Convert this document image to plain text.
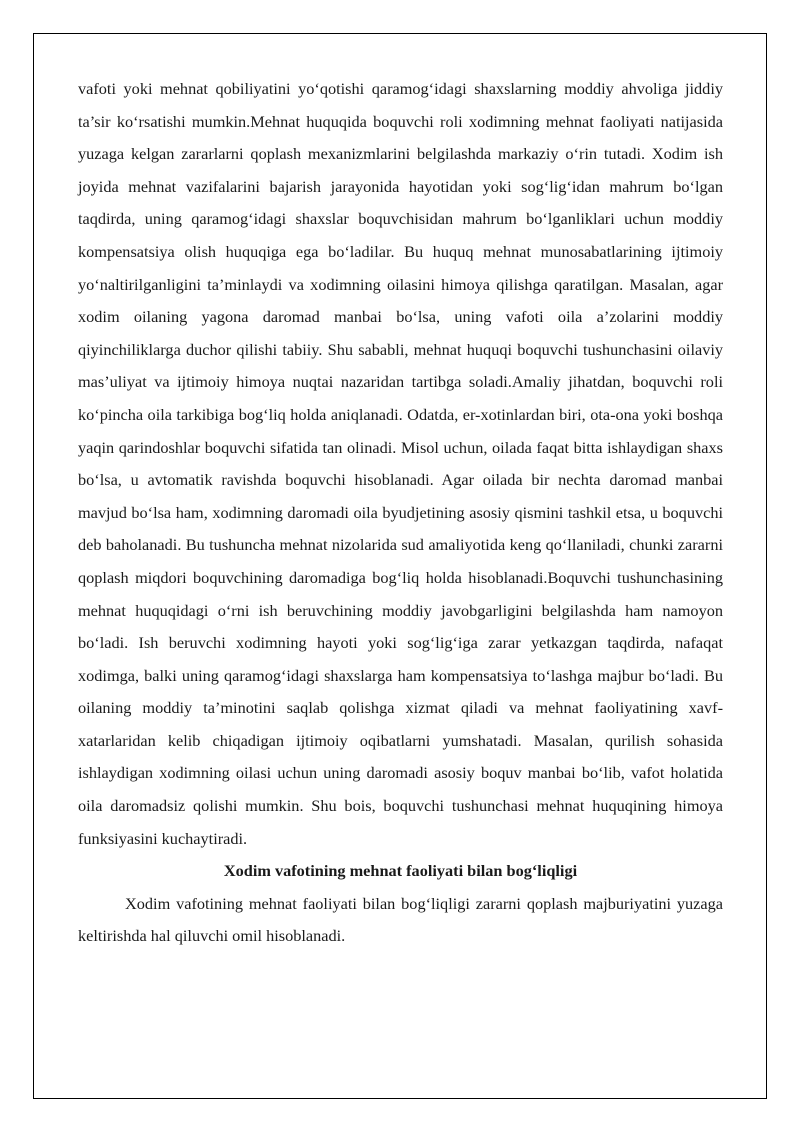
vafoti yoki mehnat qobiliyatini yo‘qotishi qaramog‘idagi shaxslarning moddiy ahvoliga jiddiy ta’sir ko‘rsatishi mumkin.Mehnat huquqida boquvchi roli xodimning mehnat faoliyati natijasida yuzaga kelgan zararlarni qoplash mexanizmlarini belgilashda markaziy o‘rin tutadi. Xodim ish joyida mehnat vazifalarini bajarish jarayonida hayotidan yoki sog‘lig‘idan mahrum bo‘lgan taqdirda, uning qaramog‘idagi shaxslar boquvchisidan mahrum bo‘lganliklari uchun moddiy kompensatsiya olish huquqiga ega bo‘ladilar. Bu huquq mehnat munosabatlarining ijtimoiy yo‘naltirilganligini ta’minlaydi va xodimning oilasini himoya qilishga qaratilgan. Masalan, agar xodim oilaning yagona daromad manbai bo‘lsa, uning vafoti oila a’zolarini moddiy qiyinchiliklarga duchor qilishi tabiiy. Shu sababli, mehnat huquqi boquvchi tushunchasini oilaviy mas’uliyat va ijtimoiy himoya nuqtai nazaridan tartibga soladi.Amaliy jihatdan, boquvchi roli ko‘pincha oila tarkibiga bog‘liq holda aniqlanadi. Odatda, er-xotinlardan biri, ota-ona yoki boshqa yaqin qarindoshlar boquvchi sifatida tan olinadi. Misol uchun, oilada faqat bitta ishlaydigan shaxs bo‘lsa, u avtomatik ravishda boquvchi hisoblanadi. Agar oilada bir nechta daromad manbai mavjud bo‘lsa ham, xodimning daromadi oila byudjetining asosiy qismini tashkil etsa, u boquvchi deb baholanadi. Bu tushuncha mehnat nizolarida sud amaliyotida keng qo‘llaniladi, chunki zararni qoplash miqdori boquvchining daromadiga bog‘liq holda hisoblanadi.Boquvchi tushunchasining mehnat huquqidagi o‘rni ish beruvchining moddiy javobgarligini belgilashda ham namoyon bo‘ladi. Ish beruvchi xodimning hayoti yoki sog‘lig‘iga zarar yetkazgan taqdirda, nafaqat xodimga, balki uning qaramog‘idagi shaxslarga ham kompensatsiya to‘lashga majbur bo‘ladi. Bu oilaning moddiy ta’minotini saqlab qolishga xizmat qiladi va mehnat faoliyatining xavf-xatarlaridan kelib chiqadigan ijtimoiy oqibatlarni yumshatadi. Masalan, qurilish sohasida ishlaydigan xodimning oilasi uchun uning daromadi asosiy boquv manbai bo‘lib, vafot holatida oila daromadsiz qolishi mumkin. Shu bois, boquvchi tushunchasi mehnat huquqining himoya funksiyasini kuchaytiradi.

Xodim vafotining mehnat faoliyati bilan bog‘liqligi

Xodim vafotining mehnat faoliyati bilan bog‘liqligi zararni qoplash majburiyatini yuzaga keltirishda hal qiluvchi omil hisoblanadi.
